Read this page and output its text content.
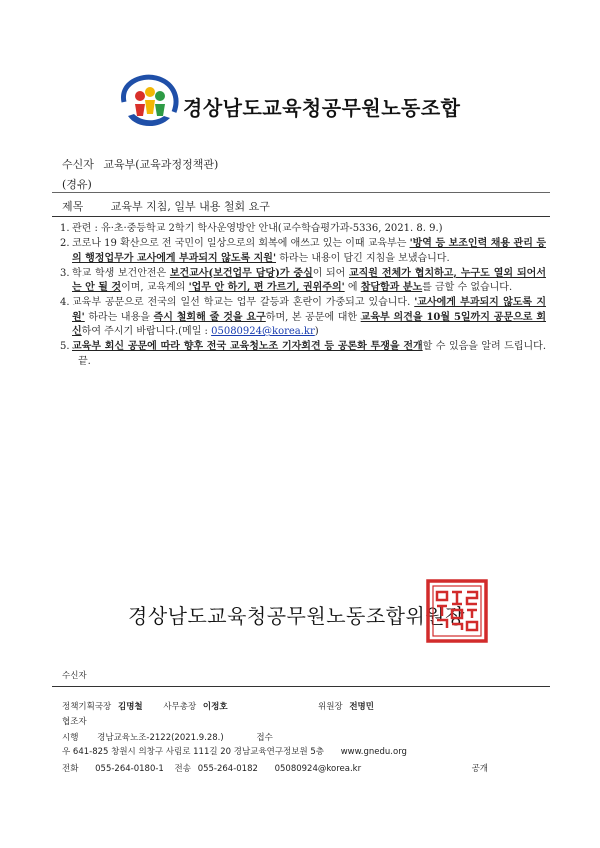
경상남도교육청공무원노동조합
수신자 교육부(교육과정정책관)
(경유)
제목	교육부 지침, 일부 내용 철회 요구
1. 관련 : 유·초·중등학교 2학기 학사운영방안 안내(교수학습평가과-5336, 2021. 8. 9.)
2. 코로나 19 확산으로 전 국민이 일상으로의 회복에 애쓰고 있는 이때 교육부는 '방역 등 보조인력 채용 관리 등의 행정업무가 교사에게 부과되지 않도록 지원' 하라는 내용이 담긴 지침을 보냈습니다.
3. 학교 학생 보건안전은 보건교사(보건업무 담당)가 중심이 되어 교직원 전체가 협치하고, 누구도 열외 되어서는 안 될 것이며, 교육계의 '업무 안 하기, 편 가르기, 권위주의' 에 참담함과 분노를 금할 수 없습니다.
4. 교육부 공문으로 전국의 일선 학교는 업무 갈등과 혼란이 가중되고 있습니다. '교사에게 부과되지 않도록 지원' 하라는 내용을 즉시 철회해 줄 것을 요구하며, 본 공문에 대한 교육부 의견을 10월 5일까지 공문으로 회신하여 주시기 바랍니다.(메일 : 05080924@korea.kr)
5. 교육부 회신 공문에 따라 향후 전국 교육청노조 기자회견 등 공론화 투쟁을 전개할 수 있음을 알려 드립니다.끝.
경상남도교육청공무원노동조합위원장
수신자
정책기획국장 김명철 사무총장 이정호	위원장 전명민
협조자
시행 경남교육노조-2122(2021.9.28.)	접수
우 641-825 창원시 의창구 사림로 111길 20 경남교육연구정보원 5층 www.gnedu.org
전화 055-264-0180-1 전송 055-264-0182 05080924@korea.kr	공개
